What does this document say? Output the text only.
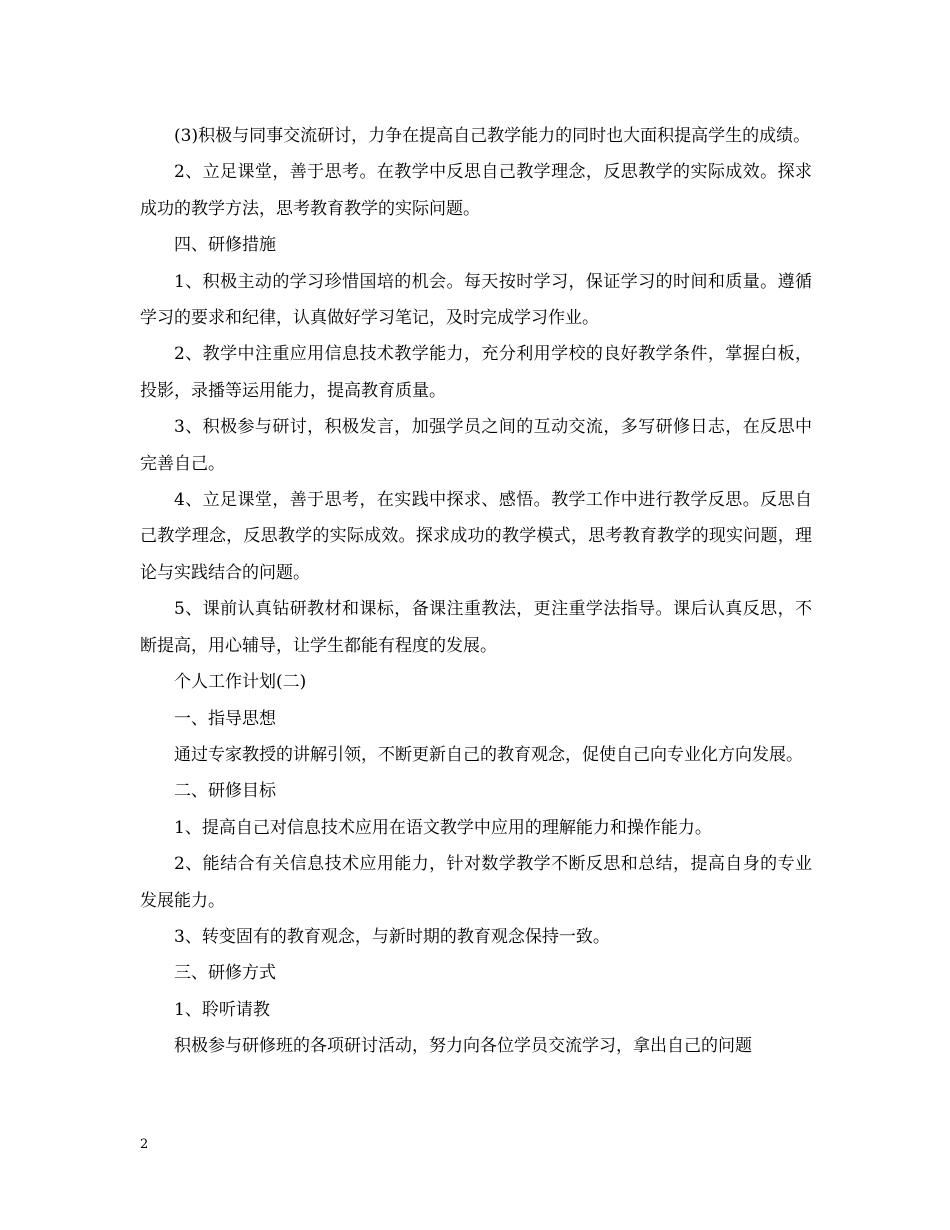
(3)积极与同事交流研讨，力争在提高自己教学能力的同时也大面积提高学生的成绩。

2、立足课堂，善于思考。在教学中反思自己教学理念，反思教学的实际成效。探求成功的教学方法，思考教育教学的实际问题。

四、研修措施

1、积极主动的学习珍惜国培的机会。每天按时学习，保证学习的时间和质量。遵循学习的要求和纪律，认真做好学习笔记，及时完成学习作业。

2、教学中注重应用信息技术教学能力，充分利用学校的良好教学条件，掌握白板，投影，录播等运用能力，提高教育质量。

3、积极参与研讨，积极发言，加强学员之间的互动交流，多写研修日志，在反思中完善自己。

4、立足课堂，善于思考，在实践中探求、感悟。教学工作中进行教学反思。反思自己教学理念，反思教学的实际成效。探求成功的教学模式，思考教育教学的现实问题，理论与实践结合的问题。

5、课前认真钻研教材和课标，备课注重教法，更注重学法指导。课后认真反思，不断提高，用心辅导，让学生都能有程度的发展。

个人工作计划(二)

一、指导思想

通过专家教授的讲解引领，不断更新自己的教育观念，促使自己向专业化方向发展。

二、研修目标

1、提高自己对信息技术应用在语文教学中应用的理解能力和操作能力。

2、能结合有关信息技术应用能力，针对数学教学不断反思和总结，提高自身的专业发展能力。

3、转变固有的教育观念，与新时期的教育观念保持一致。

三、研修方式

1、聆听请教

积极参与研修班的各项研讨活动，努力向各位学员交流学习，拿出自己的问题

2
